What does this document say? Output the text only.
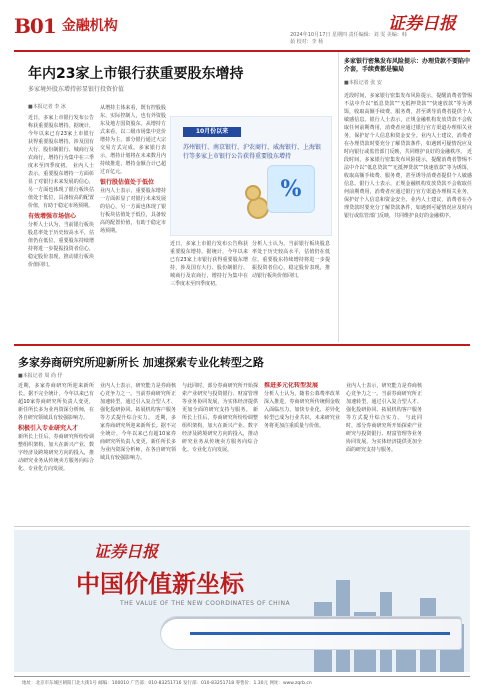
B01 金融机构
2024年10月17日 星期四 责任编辑：刘 雯 美编：韩 茹 校对：李 杨
证券日报
年内23家上市银行获重要股东增持
多家境外股东增持彰显银行投资价值
■本报记者 李 冰
近日，多家上市银行发布公告称获重要股东增持。据统计，今年以来已有23家上市银行获得重要股东增持，涉及国有大行、股份制银行、城商行及农商行，增持行为集中在三季度末至四季度初。 业内人士表示，重要股东增持一方面彰显了对银行未来发展的信心，另一方面也体现了银行板块估值处于低位，具备较高的配置价值，有助于稳定市场预期。
有效增强市场信心
分析人士认为，当前银行板块股息率处于历史较高水平，估值仍在低位，重要股东持续增持将进一步提振投资者信心，稳定股价表现，推动银行板块价值回归。
从增持主体来看，既有控股股东、实际控制人，也有外资股东及地方国资股东。从增持方式来看，以二级市场集中竞价增持为主，部分银行通过大宗交易方式完成。多家银行表示，增持计划将在未来数月内持续推进，增持金额合计已超过百亿元。
银行股估值处于低位
业内人士表示，重要股东增持一方面彰显了对银行未来发展的信心，另一方面也体现了银行板块估值处于低位，具备较高的配置价值，有助于稳定市场预期。
10月份以来
苏州银行、南京银行、沪农商行、威海银行、上海银行等多家上市银行公告获得重要股东增持
%
近日，多家上市银行发布公告称获重要股东增持。据统计，今年以来已有23家上市银行获得重要股东增持，涉及国有大行、股份制银行、城商行及农商行，增持行为集中在三季度末至四季度初。
分析人士认为，当前银行板块股息率处于历史较高水平，估值仍在低位，重要股东持续增持将进一步提振投资者信心，稳定股价表现，推动银行板块价值回归。
多家银行密集发布风险提示：办理贷款不要陷中介套，手续费都是骗局
■本报记者 张 安
近段时间，多家银行密集发布风险提示，提醒消费者警惕不法中介以“低息贷款”“无抵押贷款”“快速放款”等为诱饵，收取高额手续费、服务费，甚至诱导消费者提供个人敏感信息。银行人士表示，正规金融机构发放贷款不会收取任何前期费用，消费者应通过银行官方渠道办理相关业务，保护好个人信息和资金安全。业内人士建议，消费者在办理贷款时要充分了解贷款条件，如遇到可疑情况应及时向银行或监管部门反映，共同维护良好的金融秩序。 近段时间，多家银行密集发布风险提示，提醒消费者警惕不法中介以“低息贷款”“无抵押贷款”“快速放款”等为诱饵，收取高额手续费、服务费，甚至诱导消费者提供个人敏感信息。银行人士表示，正规金融机构发放贷款不会收取任何前期费用，消费者应通过银行官方渠道办理相关业务，保护好个人信息和资金安全。业内人士建议，消费者在办理贷款时要充分了解贷款条件，如遇到可疑情况应及时向银行或监管部门反映，共同维护良好的金融秩序。
多家券商研究所迎新所长 加速探索专业化转型之路
■本报记者 周 尚 伃
近期，多家券商研究所迎来新所长。据不完全统计，今年以来已有超10家券商研究所负责人变更，新任所长多为业内资深分析师，在各自研究领域具有较强影响力。
积极引入专业研究人才
新所长上任后，券商研究所纷纷调整组织架构，加大在新兴产业、数字经济及跨境研究方向的投入，推动研究业务从传统卖方服务向综合化、专业化方向发展。
业内人士表示，研究能力是券商核心竞争力之一。当前券商研究所正加速转型，通过引入复合型人才、强化投研协同、拓展机构客户服务等方式提升综合实力。 近期，多家券商研究所迎来新所长。据不完全统计，今年以来已有超10家券商研究所负责人变更，新任所长多为业内资深分析师，在各自研究领域具有较强影响力。
与此同时，部分券商研究所开始探索产业研究与投资银行、财富管理等业务协同发展，为实体经济提供更加全面的研究支持与服务。 新所长上任后，券商研究所纷纷调整组织架构，加大在新兴产业、数字经济及跨境研究方向的投入，推动研究业务从传统卖方服务向综合化、专业化方向发展。
推进多元化转型发展
分析人士认为，随着公募费率改革深入推进，券商研究所传统佣金收入面临压力，加快专业化、差异化转型已成为行业共识，未来研究业务将更加注重质量与价值。
业内人士表示，研究能力是券商核心竞争力之一。当前券商研究所正加速转型，通过引入复合型人才、强化投研协同、拓展机构客户服务等方式提升综合实力。 与此同时，部分券商研究所开始探索产业研究与投资银行、财富管理等业务协同发展，为实体经济提供更加全面的研究支持与服务。
证券日报
中国价值新坐标
THE VALUE OF THE NEW COORDINATES OF CHINA
地址：北京市东城区朝阳门北大街1号 邮编：100010 广告部：010-83251716 发行部：010-83251718 零售价：1.30元 网址：www.zqrb.cn
